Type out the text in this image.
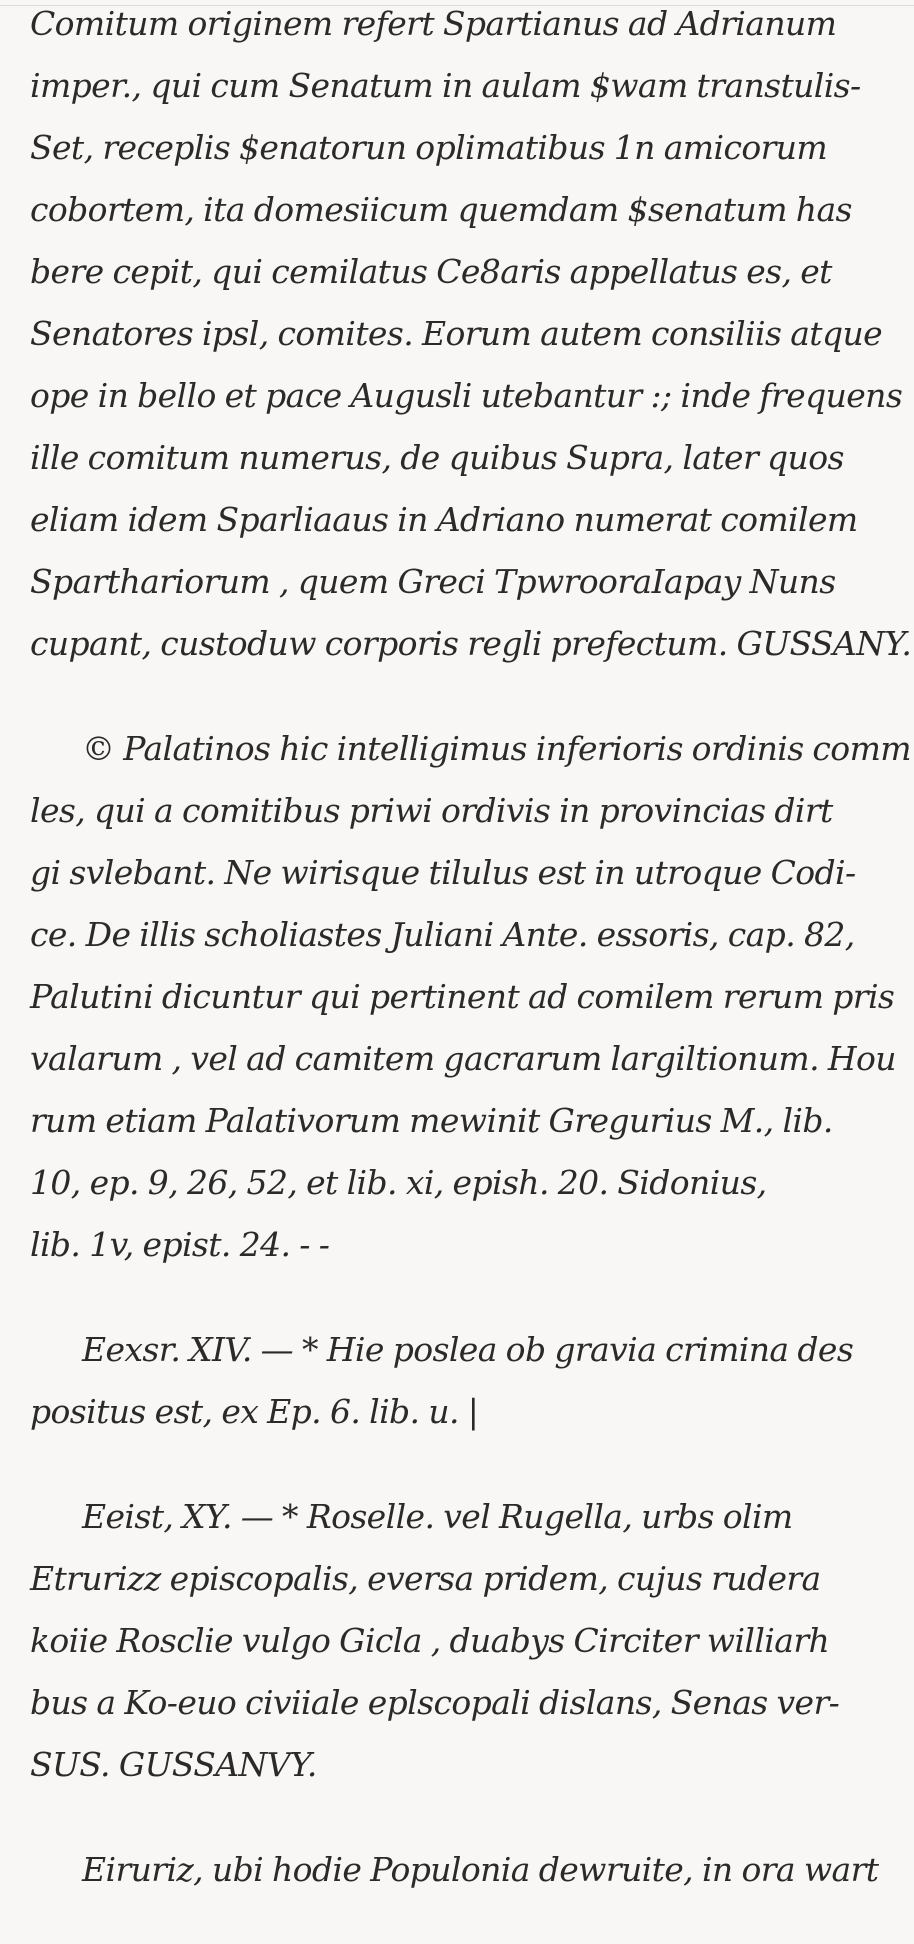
Comitum originem refert Spartianus ad Adrianum
imper., qui cum Senatum in aulam $wam transtulis-
Set, receplis $enatorun oplimatibus 1n amicorum
cobortem, ita domesiicum quemdam $senatum has
bere cepit, qui cemilatus Ce8aris appellatus es, et
Senatores ipsl, comites. Eorum autem consiliis atque
ope in bello et pace Augusli utebantur :; inde frequens
ille comitum numerus, de quibus Supra, later quos
eliam idem Sparliaaus in Adriano numerat comilem
Sparthariorum , quem Greci TpwrooraIapay Nuns
cupant, custoduw corporis regli prefectum. GUSSANY.

© Palatinos hic intelligimus inferioris ordinis comm
les, qui a comitibus priwi ordivis in provincias dirt
gi svlebant. Ne wirisque tilulus est in utroque Codi-
ce. De illis scholiastes Juliani Ante. essoris, cap. 82,
Palutini dicuntur qui pertinent ad comilem rerum pris
valarum , vel ad camitem gacrarum largiltionum. Hou
rum etiam Palativorum mewinit Gregurius M., lib.
10, ep. 9, 26, 52, et lib. xi, epish. 20. Sidonius,
lib. 1v, epist. 24. - -

Eexsr. XIV. — * Hie poslea ob gravia crimina des
positus est, ex Ep. 6. lib. u. |

Eeist, XY. — * Roselle. vel Rugella, urbs olim
Etrurizz episcopalis, eversa pridem, cujus rudera
koiie Rosclie vulgo Gicla , duabys Circiter williarh
bus a Ko-euo civiiale eplscopali dislans, Senas ver-
SUS. GUSSANVY.

Eiruriz, ubi hodie Populonia dewruite, in ora wart
